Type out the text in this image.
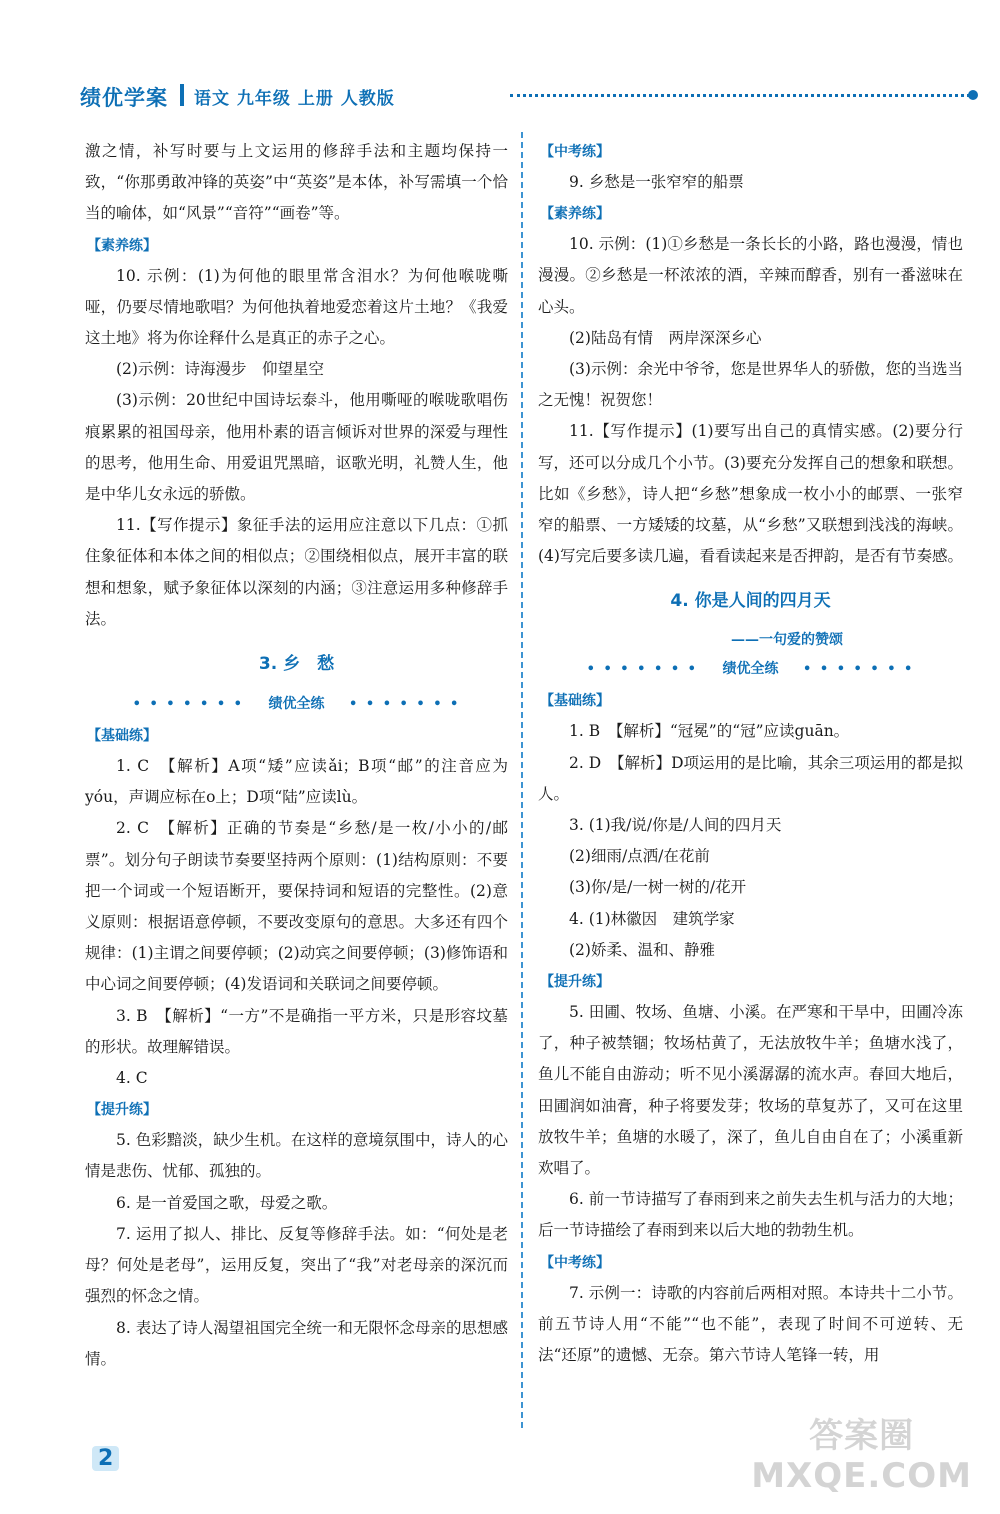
绩优学案 语文 九年级 上册 人教版
激之情，补写时要与上文运用的修辞手法和主题均保持一致，“你那勇敢冲锋的英姿”中“英姿”是本体，补写需填一个恰当的喻体，如“风景”“音符”“画卷”等。
【素养练】
10. 示例：(1)为何他的眼里常含泪水？为何他喉咙嘶哑，仍要尽情地歌唱？为何他执着地爱恋着这片土地？《我爱这土地》将为你诠释什么是真正的赤子之心。
(2)示例：诗海漫步　仰望星空
(3)示例：20世纪中国诗坛泰斗，他用嘶哑的喉咙歌唱伤痕累累的祖国母亲，他用朴素的语言倾诉对世界的深爱与理性的思考，他用生命、用爱诅咒黑暗，讴歌光明，礼赞人生，他是中华儿女永远的骄傲。
11.【写作提示】象征手法的运用应注意以下几点：①抓住象征体和本体之间的相似点；②围绕相似点，展开丰富的联想和想象，赋予象征体以深刻的内涵；③注意运用多种修辞手法。
3. 乡　愁
• • • • • • • 绩优全练 • • • • • • •
【基础练】
1. C　【解析】A项“矮”应读ǎi；B项“邮”的注音应为yóu，声调应标在o上；D项“陆”应读lù。
2. C　【解析】正确的节奏是“乡愁/是一枚/小小的/邮票”。划分句子朗读节奏要坚持两个原则：(1)结构原则：不要把一个词或一个短语断开，要保持词和短语的完整性。(2)意义原则：根据语意停顿，不要改变原句的意思。大多还有四个规律：(1)主谓之间要停顿；(2)动宾之间要停顿；(3)修饰语和中心词之间要停顿；(4)发语词和关联词之间要停顿。
3. B　【解析】“一方”不是确指一平方米，只是形容坟墓的形状。故理解错误。
4. C
【提升练】
5. 色彩黯淡，缺少生机。在这样的意境氛围中，诗人的心情是悲伤、忧郁、孤独的。
6. 是一首爱国之歌，母爱之歌。
7. 运用了拟人、排比、反复等修辞手法。如：“何处是老母？何处是老母”，运用反复，突出了“我”对老母亲的深沉而强烈的怀念之情。
8. 表达了诗人渴望祖国完全统一和无限怀念母亲的思想感情。
【中考练】
9. 乡愁是一张窄窄的船票
【素养练】
10. 示例：(1)①乡愁是一条长长的小路，路也漫漫，情也漫漫。②乡愁是一杯浓浓的酒，辛辣而醇香，别有一番滋味在心头。
(2)陆岛有情　两岸深深乡心
(3)示例：余光中爷爷，您是世界华人的骄傲，您的当选当之无愧！祝贺您！
11.【写作提示】(1)要写出自己的真情实感。(2)要分行写，还可以分成几个小节。(3)要充分发挥自己的想象和联想。比如《乡愁》，诗人把“乡愁”想象成一枚小小的邮票、一张窄窄的船票、一方矮矮的坟墓，从“乡愁”又联想到浅浅的海峡。(4)写完后要多读几遍，看看读起来是否押韵，是否有节奏感。
4. 你是人间的四月天
——一句爱的赞颂
• • • • • • • 绩优全练 • • • • • • •
【基础练】
1. B　【解析】“冠冕”的“冠”应读guān。
2. D　【解析】D项运用的是比喻，其余三项运用的都是拟人。
3. (1)我/说/你是/人间的四月天
(2)细雨/点洒/在花前
(3)你/是/一树一树的/花开
4. (1)林徽因　建筑学家
(2)娇柔、温和、静雅
【提升练】
5. 田圃、牧场、鱼塘、小溪。在严寒和干旱中，田圃冷冻了，种子被禁锢；牧场枯黄了，无法放牧牛羊；鱼塘水浅了，鱼儿不能自由游动；听不见小溪潺潺的流水声。春回大地后，田圃润如油膏，种子将要发芽；牧场的草复苏了，又可在这里放牧牛羊；鱼塘的水暖了，深了，鱼儿自由自在了；小溪重新欢唱了。
6. 前一节诗描写了春雨到来之前失去生机与活力的大地；后一节诗描绘了春雨到来以后大地的勃勃生机。
【中考练】
7. 示例一：诗歌的内容前后两相对照。本诗共十二小节。前五节诗人用“不能”“也不能”，表现了时间不可逆转、无法“还原”的遗憾、无奈。第六节诗人笔锋一转，用
2
答案圈
MXQE.COM
